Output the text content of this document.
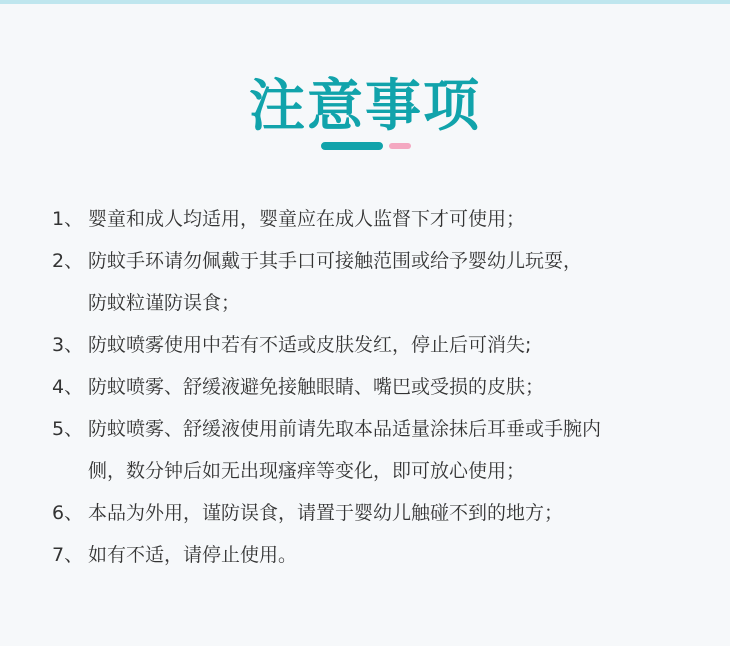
注意事项
1、 婴童和成人均适用，婴童应在成人监督下才可使用；
2、 防蚊手环请勿佩戴于其手口可接触范围或给予婴幼儿玩耍，
防蚊粒谨防误食；
3、 防蚊喷雾使用中若有不适或皮肤发红，停止后可消失;
4、 防蚊喷雾、舒缓液避免接触眼睛、嘴巴或受损的皮肤；
5、 防蚊喷雾、舒缓液使用前请先取本品适量涂抹后耳垂或手腕内
侧，数分钟后如无出现瘙痒等变化，即可放心使用；
6、 本品为外用，谨防误食，请置于婴幼儿触碰不到的地方；
7、 如有不适，请停止使用。
